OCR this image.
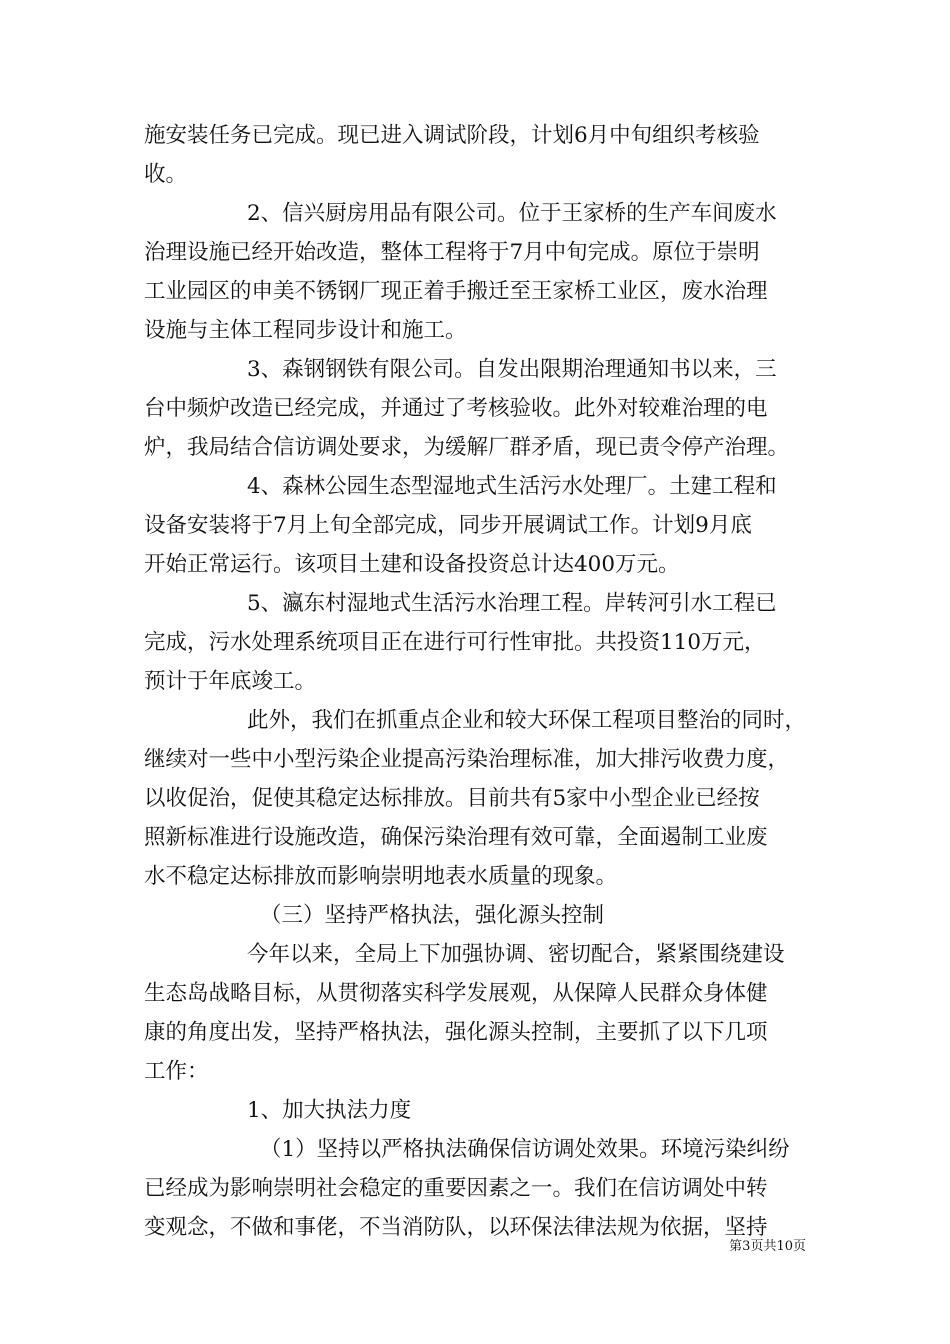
施安装任务已完成。现已进入调试阶段，计划6月中旬组织考核验
收。
2、信兴厨房用品有限公司。位于王家桥的生产车间废水
治理设施已经开始改造，整体工程将于7月中旬完成。原位于崇明
工业园区的申美不锈钢厂现正着手搬迁至王家桥工业区，废水治理
设施与主体工程同步设计和施工。
3、森钢钢铁有限公司。自发出限期治理通知书以来，三
台中频炉改造已经完成，并通过了考核验收。此外对较难治理的电
炉，我局结合信访调处要求，为缓解厂群矛盾，现已责令停产治理。
4、森林公园生态型湿地式生活污水处理厂。土建工程和
设备安装将于7月上旬全部完成，同步开展调试工作。计划9月底
开始正常运行。该项目土建和设备投资总计达400万元。
5、瀛东村湿地式生活污水治理工程。岸转河引水工程已
完成，污水处理系统项目正在进行可行性审批。共投资110万元，
预计于年底竣工。
此外，我们在抓重点企业和较大环保工程项目整治的同时，
继续对一些中小型污染企业提高污染治理标准，加大排污收费力度，
以收促治，促使其稳定达标排放。目前共有5家中小型企业已经按
照新标准进行设施改造，确保污染治理有效可靠，全面遏制工业废
水不稳定达标排放而影响崇明地表水质量的现象。
（三）坚持严格执法，强化源头控制
今年以来，全局上下加强协调、密切配合，紧紧围绕建设
生态岛战略目标，从贯彻落实科学发展观，从保障人民群众身体健
康的角度出发，坚持严格执法，强化源头控制，主要抓了以下几项
工作：
1、加大执法力度
（1）坚持以严格执法确保信访调处效果。环境污染纠纷
已经成为影响崇明社会稳定的重要因素之一。我们在信访调处中转
变观念，不做和事佬，不当消防队，以环保法律法规为依据，坚持
第3页共10页
